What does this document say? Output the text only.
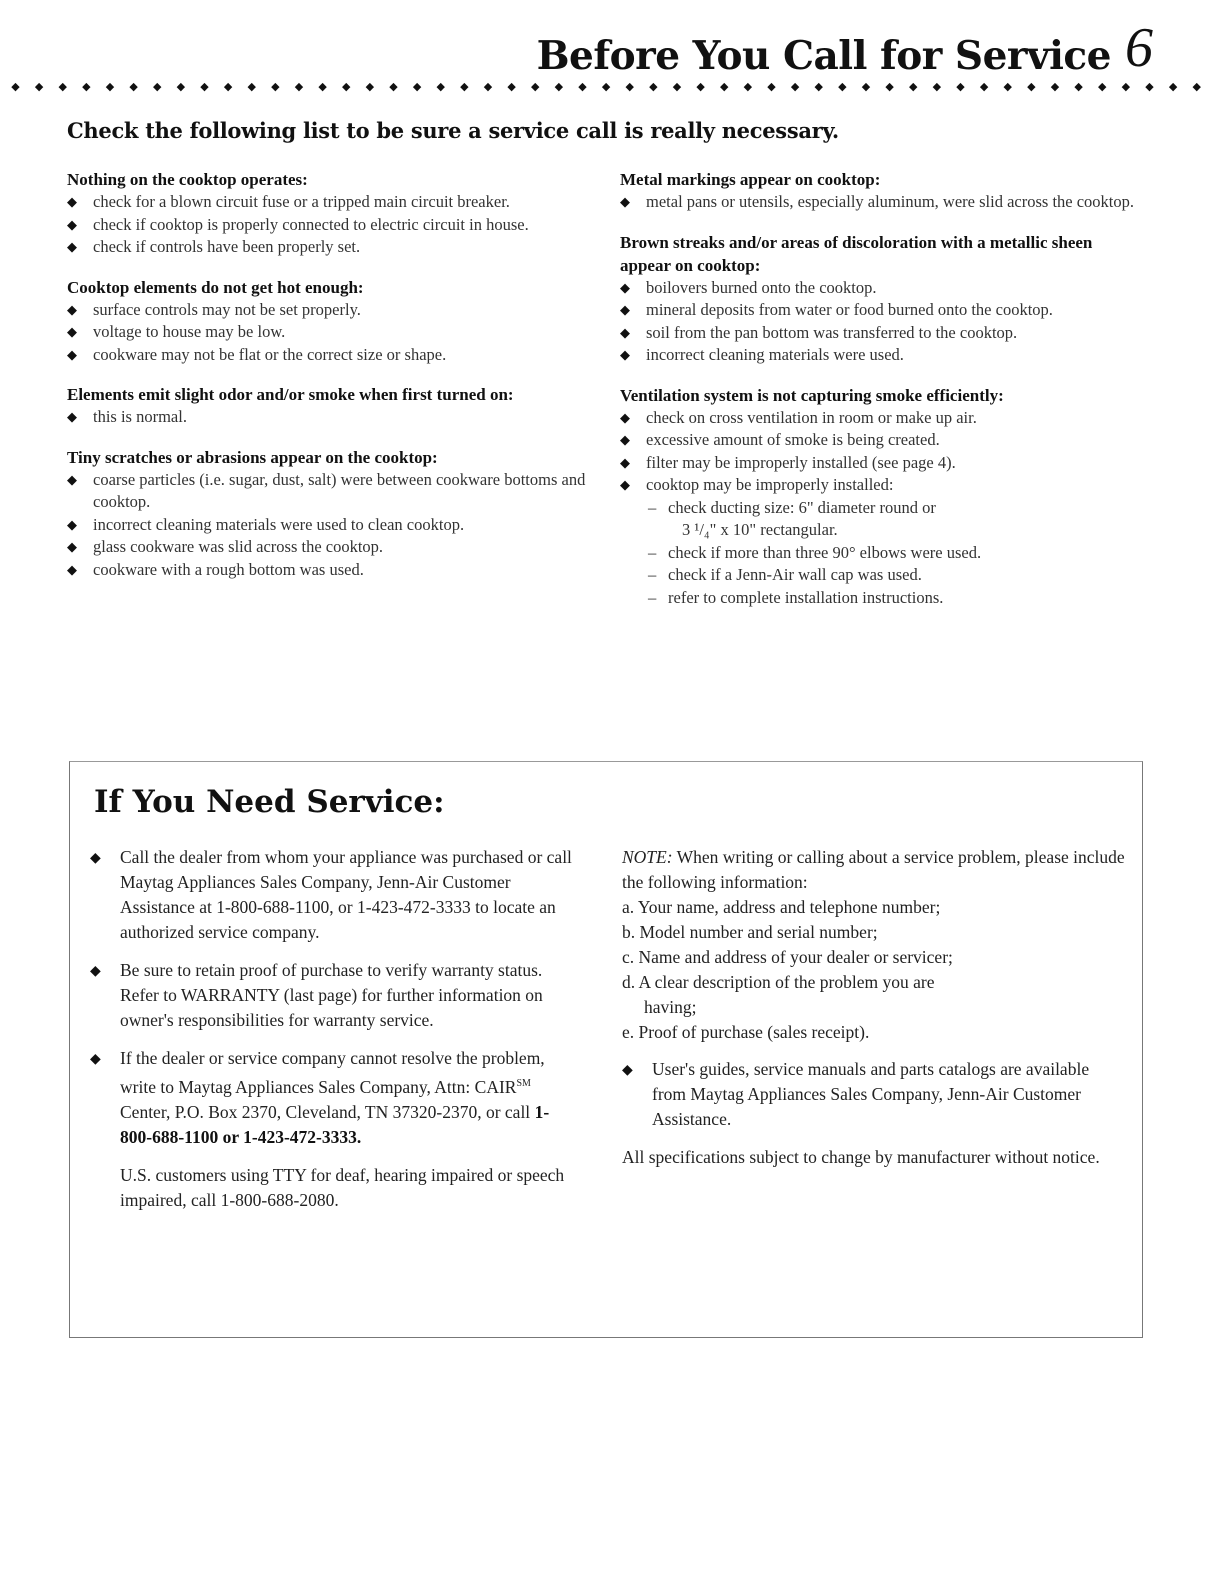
Before You Call for Service 6
◆	◆	◆	◆	◆	◆	◆	◆	◆	◆	◆	◆	◆	◆	◆	◆	◆	◆	◆	◆	◆	◆	◆	◆	◆	◆	◆	◆	◆	◆	◆	◆	◆	◆	◆	◆	◆	◆	◆	◆	◆	◆	◆	◆	◆	◆	◆	◆	◆	◆	◆
Check the following list to be sure a service call is really necessary.
Nothing on the cooktop operates:
◆ check for a blown circuit fuse or a tripped main circuit breaker.
◆ check if cooktop is properly connected to electric circuit in house.
◆ check if controls have been properly set.
Cooktop elements do not get hot enough:
◆ surface controls may not be set properly.
◆ voltage to house may be low.
◆ cookware may not be flat or the correct size or shape.
Elements emit slight odor and/or smoke when first turned on:
◆ this is normal.
Tiny scratches or abrasions appear on the cooktop:
◆ coarse particles (i.e. sugar, dust, salt) were between cookware bottoms and cooktop.
◆ incorrect cleaning materials were used to clean cooktop.
◆ glass cookware was slid across the cooktop.
◆ cookware with a rough bottom was used.
Metal markings appear on cooktop:
◆ metal pans or utensils, especially aluminum, were slid across the cooktop.
Brown streaks and/or areas of discoloration with a metallic sheen appear on cooktop:
◆ boilovers burned onto the cooktop.
◆ mineral deposits from water or food burned onto the cooktop.
◆ soil from the pan bottom was transferred to the cooktop.
◆ incorrect cleaning materials were used.
Ventilation system is not capturing smoke efficiently:
◆ check on cross ventilation in room or make up air.
◆ excessive amount of smoke is being created.
◆ filter may be improperly installed (see page 4).
◆ cooktop may be improperly installed:
– check ducting size: 6" diameter round or
3 ¹/₄" x 10" rectangular.
– check if more than three 90° elbows were used.
– check if a Jenn-Air wall cap was used.
– refer to complete installation instructions.
If You Need Service:
◆ Call the dealer from whom your appliance was purchased or call Maytag Appliances Sales Company, Jenn-Air Customer Assistance at 1-800-688-1100, or 1-423-472-3333 to locate an authorized service company.
◆ Be sure to retain proof of purchase to verify warranty status. Refer to WARRANTY (last page) for further information on owner's responsibilities for warranty service.
◆ If the dealer or service company cannot resolve the problem, write to Maytag Appliances Sales Company, Attn: CAIR℠ Center, P.O. Box 2370, Cleveland, TN 37320-2370, or call 1-800-688-1100 or 1-423-472-3333.
U.S. customers using TTY for deaf, hearing impaired or speech impaired, call 1-800-688-2080.
NOTE: When writing or calling about a service problem, please include the following information:
a. Your name, address and telephone number;
b. Model number and serial number;
c. Name and address of your dealer or servicer;
d. A clear description of the problem you are
having;
e. Proof of purchase (sales receipt).
◆ User's guides, service manuals and parts catalogs are available from Maytag Appliances Sales Company, Jenn-Air Customer Assistance.
All specifications subject to change by manufacturer without notice.
